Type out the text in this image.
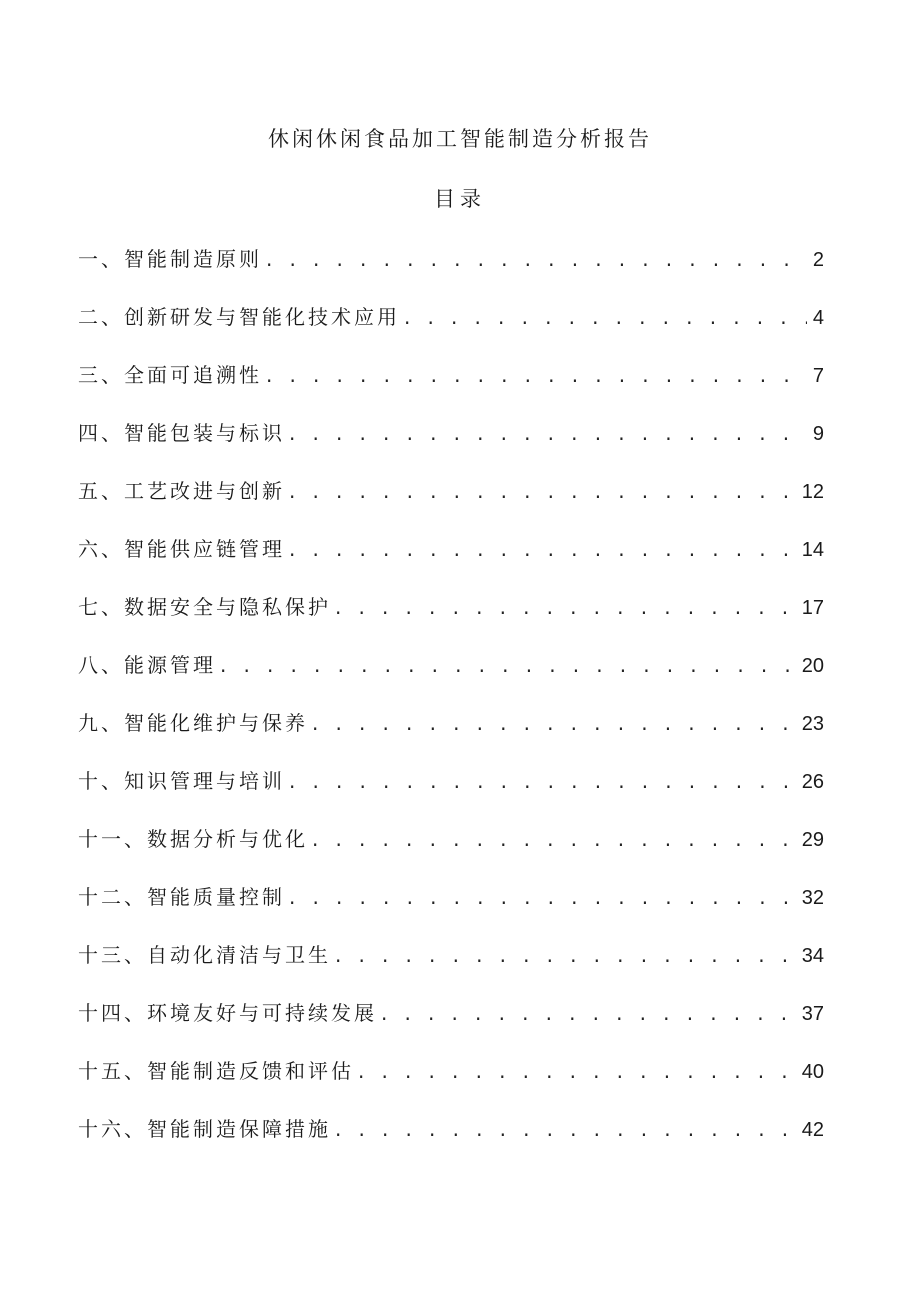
休闲休闲食品加工智能制造分析报告
目录
一、智能制造原则 . . .	2
二、创新研发与智能化技术应用 . . .	4
三、全面可追溯性 . . .	7
四、智能包装与标识 . . .	9
五、工艺改进与创新 . . .	12
六、智能供应链管理 . . .	14
七、数据安全与隐私保护 . . .	17
八、能源管理 . . .	20
九、智能化维护与保养 . . .	23
十、知识管理与培训 . . .	26
十一、数据分析与优化 . . .	29
十二、智能质量控制 . . .	32
十三、自动化清洁与卫生 . . .	34
十四、环境友好与可持续发展 . . .	37
十五、智能制造反馈和评估 . . .	40
十六、智能制造保障措施 . . .	42
